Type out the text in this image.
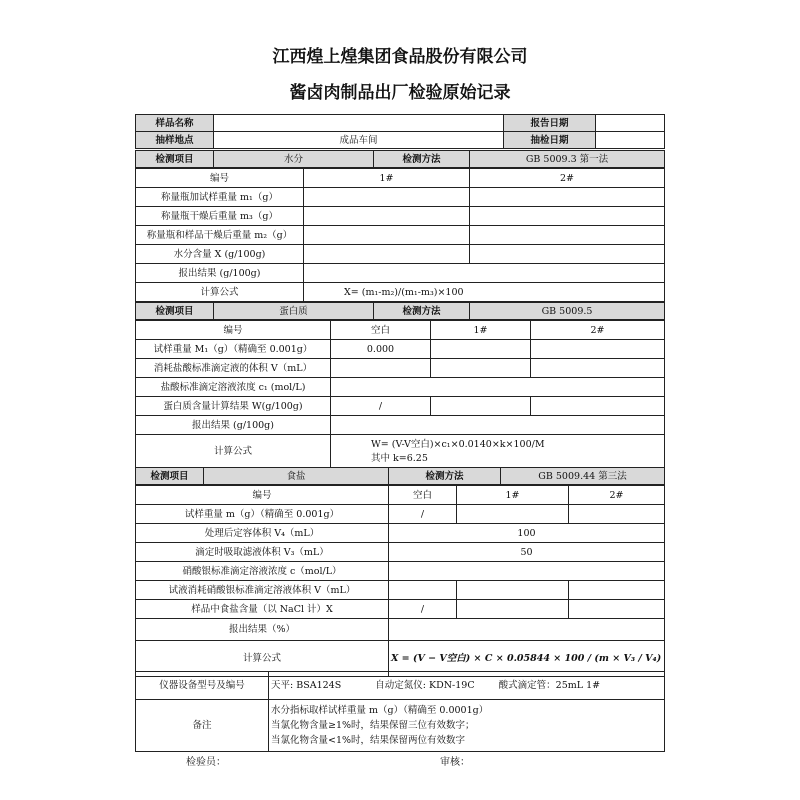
江西煌上煌集团食品股份有限公司
酱卤肉制品出厂检验原始记录
样品名称		报告日期	
抽样地点	成品车间	抽检日期	
检测项目	水分	检测方法	GB 5009.3 第一法
编号	1#	2#
称量瓶加试样重量 m₁（g）		
称量瓶干燥后重量 m₃（g）		
称量瓶和样品干燥后重量 m₂（g）		
水分含量 X (g/100g)		
报出结果 (g/100g)		
计算公式	X= (m₁-m₂)/(m₁-m₃)×100	
检测项目	蛋白质	检测方法	GB 5009.5
编号	空白	1#	2#
试样重量 M₁（g）（精确至 0.001g）	0.000		
消耗盐酸标准滴定液的体积 V（mL）			
盐酸标准滴定溶液浓度 c₁ (mol/L)			
蛋白质含量计算结果 W(g/100g)	/		
报出结果 (g/100g)			
计算公式	W= (V-V空白)×c₁×0.0140×k×100/M
其中 k=6.25		
检测项目	食盐	检测方法	GB 5009.44 第三法
编号	空白	1#	2#
试样重量 m（g）（精确至 0.001g）	/		
处理后定容体积 V₄（mL）	100		
滴定时吸取滤液体积 V₃（mL）	50		
硝酸银标准滴定溶液浓度 c（mol/L）			
试液消耗硝酸银标准滴定溶液体积 V（mL）			
样品中食盐含量（以 NaCl 计）X	/		
报出结果（%）			
计算公式	X = (V − V空白) × C × 0.05844 × 100 / (m × V₃ / V₄)		
仪器设备型号及编号	天平: BSA124S 自动定氮仪: KDN-19C 酸式滴定管：25mL 1#
备注	水分指标取样试样重量 m（g）（精确至 0.0001g）
当氯化物含量≥1%时，结果保留三位有效数字；
当氯化物含量<1%时，结果保留两位有效数字
检验员：	审核：
